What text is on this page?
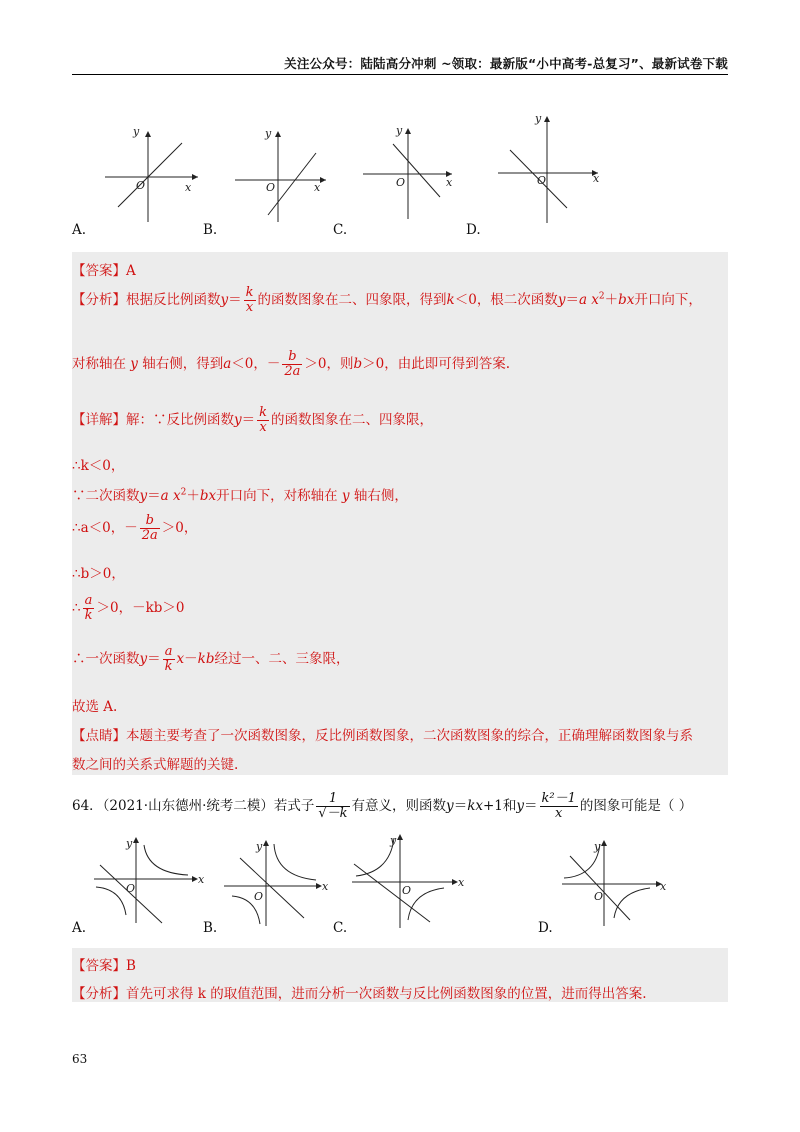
关注公众号：陆陆高分冲刺 ~领取：最新版“小中高考-总复习”、最新试卷下载
y
x
O
y
x
O
y
x
O
y
x
O
A.	B.	C.	D.
【答案】A
【分析】根据反比例函数$y= \frac{k}{x}$ 的函数图象在二、四象限，得到k＜0，根二次函数y＝a $x^2+bx$开口向下，
对称轴在 y 轴右侧，得到a＜0，－ $\frac{b}{2a} >0$，则b＞0，由此即可得到答案.
【详解】解：∵反比例函数$y= \frac{k}{x}$ 的函数图象在二、四象限，
∴k＜0，
∵二次函数y＝a $x^2+bx$开口向下，对称轴在 y 轴右侧，
∴a＜0，－ $\frac{b}{2a} >0$，
∴b＞0，
∴ $\frac{a}{k} >0$，－kb＞0
∴一次函数$y= \frac{a}{k} x-kb$经过一、二、三象限，
故选 A.
【点睛】本题主要考查了一次函数图象，反比例函数图象，二次函数图象的综合，正确理解函数图象与系
数之间的关系式解题的关键.
64．（2021·山东德州·统考二模）若式子 $\frac{1}{√-k}$ 有意义，则函数y＝kx+1和$y= \frac{\text{k²－1}}{x}$ 的图象可能是（ ）
y
x
O
y
x
O
y
x
O
y
x
O
A.	B.	C.	D.
【答案】B
【分析】首先可求得 k 的取值范围，进而分析一次函数与反比例函数图象的位置，进而得出答案.
63
